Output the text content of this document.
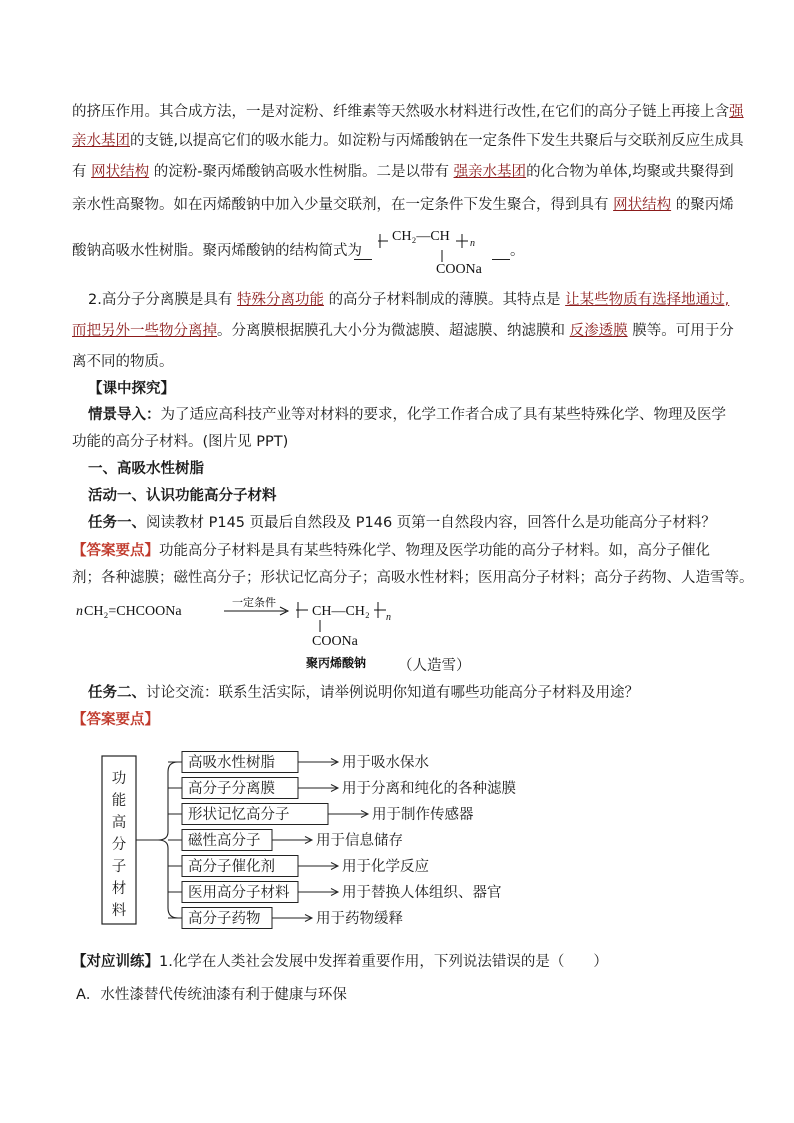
的挤压作用。其合成方法，一是对淀粉、纤维素等天然吸水材料进行改性,在它们的高分子链上再接上含强
亲水基团的支链,以提高它们的吸水能力。如淀粉与丙烯酸钠在一定条件下发生共聚后与交联剂反应生成具
有 网状结构 的淀粉-聚丙烯酸钠高吸水性树脂。二是以带有 强亲水基团的化合物为单体,均聚或共聚得到
亲水性高聚物。如在丙烯酸钠中加入少量交联剂，在一定条件下发生聚合，得到具有 网状结构 的聚丙烯
酸钠高吸水性树脂。聚丙烯酸钠的结构简式为
CH₂—CH n
COONa
。
2.高分子分离膜是具有 特殊分离功能 的高分子材料制成的薄膜。其特点是 让某些物质有选择地通过,
而把另外一些物分离掉。分离膜根据膜孔大小分为微滤膜、超滤膜、纳滤膜和 反渗透膜 膜等。可用于分
离不同的物质。
【课中探究】
情景导入：为了适应高科技产业等对材料的要求，化学工作者合成了具有某些特殊化学、物理及医学
功能的高分子材料。(图片见 PPT)
一、高吸水性树脂
活动一、认识功能高分子材料
任务一、阅读教材 P145 页最后自然段及 P146 页第一自然段内容，回答什么是功能高分子材料？
【答案要点】功能高分子材料是具有某些特殊化学、物理及医学功能的高分子材料。如，高分子催化
剂；各种滤膜；磁性高分子；形状记忆高分子；高吸水性材料；医用高分子材料；高分子药物、人造雪等。
n CH₂=CHCOONa
一定条件
CH—CH₂ n
COONa
聚丙烯酸钠 （人造雪）
任务二、讨论交流：联系生活实际，请举例说明你知道有哪些功能高分子材料及用途？
【答案要点】
功
能
高
分
子
材
料
高吸水性树脂	用于吸水保水
高分子分离膜	用于分离和纯化的各种滤膜
形状记忆高分子	用于制作传感器
磁性高分子	用于信息储存
高分子催化剂	用于化学反应
医用高分子材料	用于替换人体组织、器官
高分子药物	用于药物缓释
【对应训练】1.化学在人类社会发展中发挥着重要作用，下列说法错误的是（　　）
A．水性漆替代传统油漆有利于健康与环保
